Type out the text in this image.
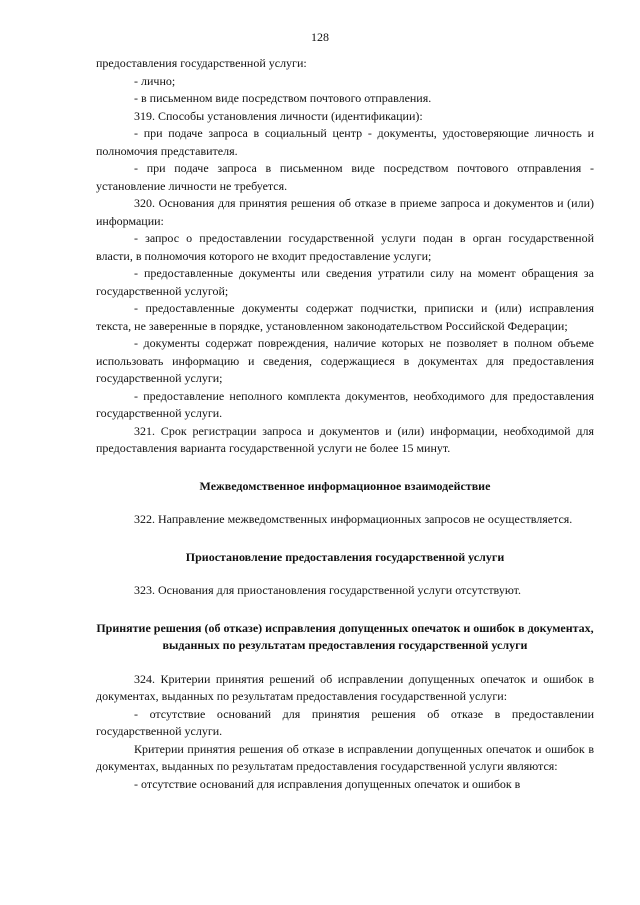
128

предоставления государственной услуги:

- лично;

- в письменном виде посредством почтового отправления.

319. Способы установления личности (идентификации):

- при подаче запроса в социальный центр - документы, удостоверяющие личность и полномочия представителя.

- при подаче запроса в письменном виде посредством почтового отправления - установление личности не требуется.

320. Основания для принятия решения об отказе в приеме запроса и документов и (или) информации:

- запрос о предоставлении государственной услуги подан в орган государственной власти, в полномочия которого не входит предоставление услуги;

- предоставленные документы или сведения утратили силу на момент обращения за государственной услугой;

- предоставленные документы содержат подчистки, приписки и (или) исправления текста, не заверенные в порядке, установленном законодательством Российской Федерации;

- документы содержат повреждения, наличие которых не позволяет в полном объеме использовать информацию и сведения, содержащиеся в документах для предоставления государственной услуги;

- предоставление неполного комплекта документов, необходимого для предоставления государственной услуги.

321. Срок регистрации запроса и документов и (или) информации, необходимой для предоставления варианта государственной услуги не более 15 минут.

Межведомственное информационное взаимодействие

322. Направление межведомственных информационных запросов не осуществляется.

Приостановление предоставления государственной услуги

323. Основания для приостановления государственной услуги отсутствуют.

Принятие решения (об отказе) исправления допущенных опечаток и ошибок в документах, выданных по результатам предоставления государственной услуги

324. Критерии принятия решений об исправлении допущенных опечаток и ошибок в документах, выданных по результатам предоставления государственной услуги:

- отсутствие оснований для принятия решения об отказе в предоставлении государственной услуги.

Критерии принятия решения об отказе в исправлении допущенных опечаток и ошибок в документах, выданных по результатам предоставления государственной услуги являются:

- отсутствие оснований для исправления допущенных опечаток и ошибок в
